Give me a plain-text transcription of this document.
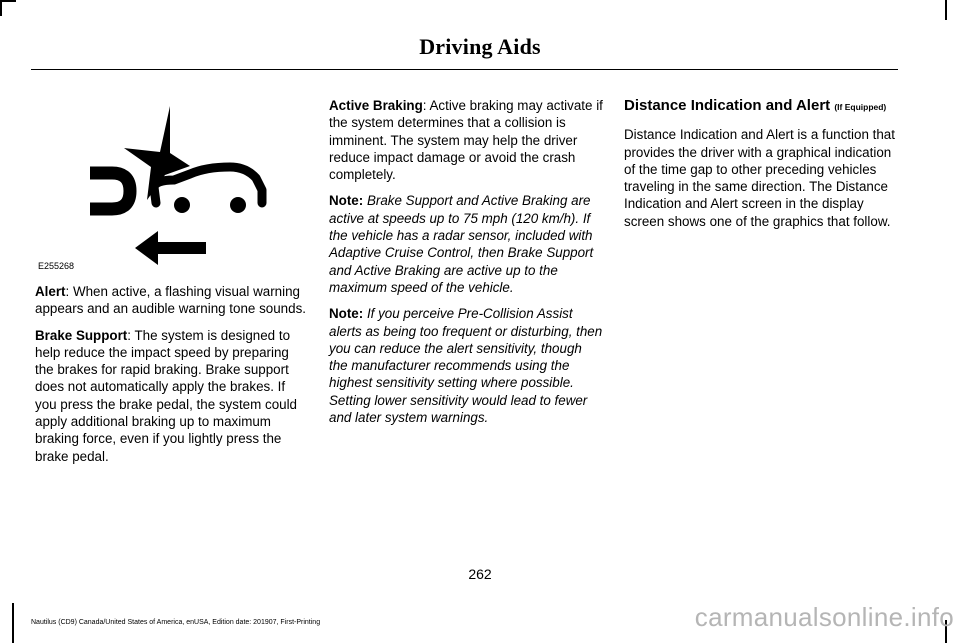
Driving Aids
E255268

Alert: When active, a flashing visual warning appears and an audible warning tone sounds.

Brake Support: The system is designed to help reduce the impact speed by preparing the brakes for rapid braking. Brake support does not automatically apply the brakes. If you press the brake pedal, the system could apply additional braking up to maximum braking force, even if you lightly press the brake pedal.

Active Braking: Active braking may activate if the system determines that a collision is imminent. The system may help the driver reduce impact damage or avoid the crash completely.

Note: Brake Support and Active Braking are active at speeds up to 75 mph (120 km/h). If the vehicle has a radar sensor, included with Adaptive Cruise Control, then Brake Support and Active Braking are active up to the maximum speed of the vehicle.

Note: If you perceive Pre-Collision Assist alerts as being too frequent or disturbing, then you can reduce the alert sensitivity, though the manufacturer recommends using the highest sensitivity setting where possible. Setting lower sensitivity would lead to fewer and later system warnings.

Distance Indication and Alert (If Equipped)

Distance Indication and Alert is a function that provides the driver with a graphical indication of the time gap to other preceding vehicles traveling in the same direction. The Distance Indication and Alert screen in the display screen shows one of the graphics that follow.

262
Nautilus (CD9) Canada/United States of America, enUSA, Edition date: 201907, First-Printing	carmanualsonline.info
